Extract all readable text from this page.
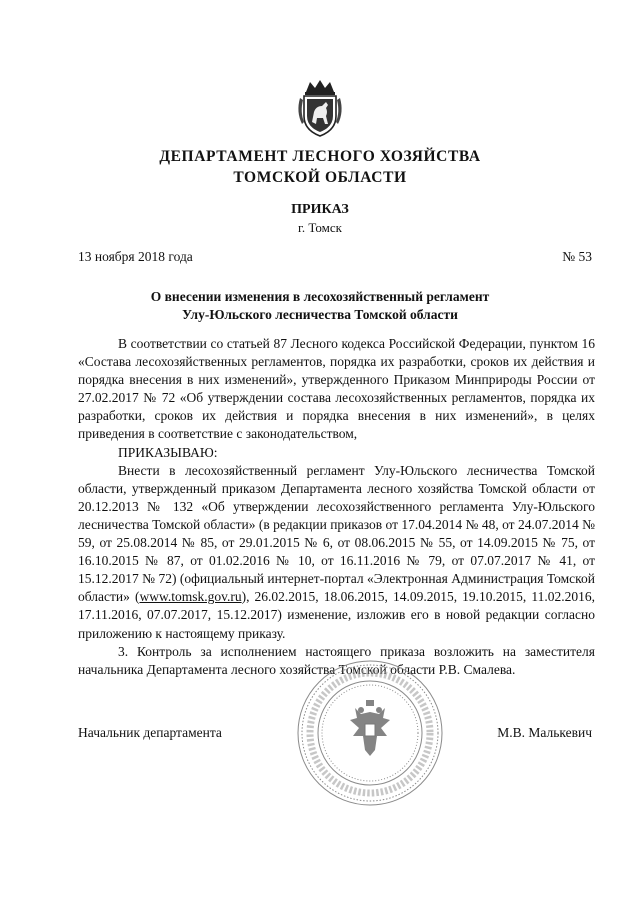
ДЕПАРТАМЕНТ ЛЕСНОГО ХОЗЯЙСТВА
ТОМСКОЙ ОБЛАСТИ
ПРИКАЗ
г. Томск
13 ноября 2018 года	№ 53
О внесении изменения в лесохозяйственный регламент
Улу-Юльского лесничества Томской области

В соответствии со статьей 87 Лесного кодекса Российской Федерации, пунктом 16 «Состава лесохозяйственных регламентов, порядка их разработки, сроков их действия и порядка внесения в них изменений», утвержденного Приказом Минприроды России от 27.02.2017 № 72 «Об утверждении состава лесохозяйственных регламентов, порядка их разработки, сроков их действия и порядка внесения в них изменений», в целях приведения в соответствие с законодательством,

ПРИКАЗЫВАЮ:

Внести в лесохозяйственный регламент Улу-Юльского лесничества Томской области, утвержденный приказом Департамента лесного хозяйства Томской области от 20.12.2013 № 132 «Об утверждении лесохозяйственного регламента Улу-Юльского лесничества Томской области» (в редакции приказов от 17.04.2014 № 48, от 24.07.2014 № 59, от 25.08.2014 № 85, от 29.01.2015 № 6, от 08.06.2015 № 55, от 14.09.2015 № 75, от 16.10.2015 № 87, от 01.02.2016 № 10, от 16.11.2016 № 79, от 07.07.2017 № 41, от 15.12.2017 № 72) (официальный интернет-портал «Электронная Администрация Томской области» (www.tomsk.gov.ru), 26.02.2015, 18.06.2015, 14.09.2015, 19.10.2015, 11.02.2016, 17.11.2016, 07.07.2017, 15.12.2017) изменение, изложив его в новой редакции согласно приложению к настоящему приказу.

3. Контроль за исполнением настоящего приказа возложить на заместителя начальника Департамента лесного хозяйства Томской области Р.В. Смалева.

Начальник департамента	М.В. Малькевич
